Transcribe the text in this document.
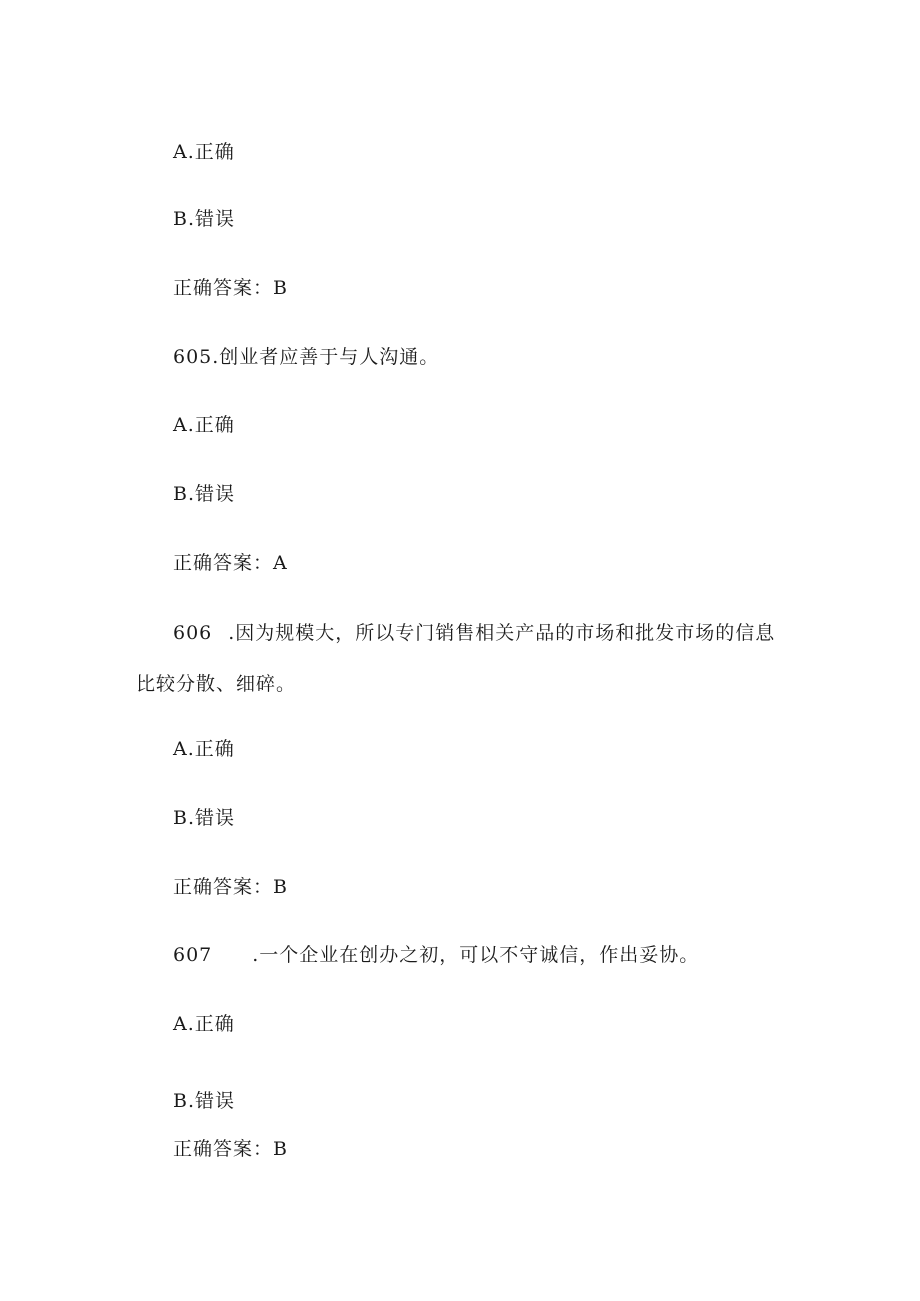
A.正确
B.错误
正确答案：B
605.创业者应善于与人沟通。
A.正确
B.错误
正确答案：A
606 .因为规模大，所以专门销售相关产品的市场和批发市场的信息
比较分散、细碎。
A.正确
B.错误
正确答案：B
607 .一个企业在创办之初，可以不守诚信，作出妥协。
A.正确
B.错误
正确答案：B
